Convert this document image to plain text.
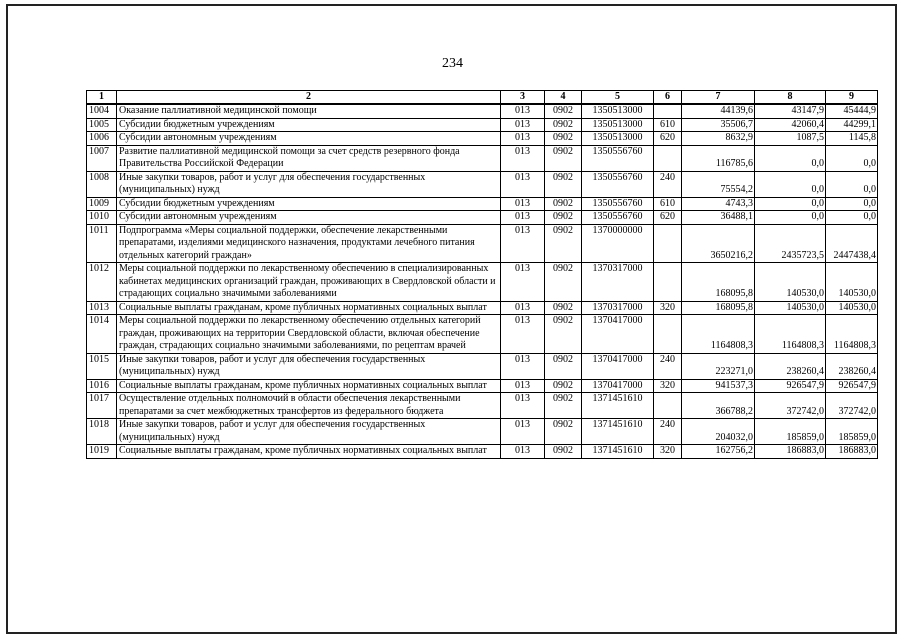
234
1	2	3	4	5	6	7	8	9
1004	Оказание паллиативной медицинской помощи	013	0902	1350513000		44139,6	43147,9	45444,9
1005	Субсидии бюджетным учреждениям	013	0902	1350513000	610	35506,7	42060,4	44299,1
1006	Субсидии автономным учреждениям	013	0902	1350513000	620	8632,9	1087,5	1145,8
1007	Развитие паллиативной медицинской помощи за счет средств резервного фонда Правительства Российской Федерации	013	0902	1350556760		116785,6	0,0	0,0
1008	Иные закупки товаров, работ и услуг для обеспечения государственных (муниципальных) нужд	013	0902	1350556760	240	75554,2	0,0	0,0
1009	Субсидии бюджетным учреждениям	013	0902	1350556760	610	4743,3	0,0	0,0
1010	Субсидии автономным учреждениям	013	0902	1350556760	620	36488,1	0,0	0,0
1011	Подпрограмма «Меры социальной поддержки, обеспечение лекарственными препаратами, изделиями медицинского назначения, продуктами лечебного питания отдельных категорий граждан»	013	0902	1370000000		3650216,2	2435723,5	2447438,4
1012	Меры социальной поддержки по лекарственному обеспечению в специализированных кабинетах медицинских организаций граждан, проживающих в Свердловской области и страдающих социально значимыми заболеваниями	013	0902	1370317000		168095,8	140530,0	140530,0
1013	Социальные выплаты гражданам, кроме публичных нормативных социальных выплат	013	0902	1370317000	320	168095,8	140530,0	140530,0
1014	Меры социальной поддержки по лекарственному обеспечению отдельных категорий граждан, проживающих на территории Свердловской области, включая обеспечение граждан, страдающих социально значимыми заболеваниями, по рецептам врачей	013	0902	1370417000		1164808,3	1164808,3	1164808,3
1015	Иные закупки товаров, работ и услуг для обеспечения государственных (муниципальных) нужд	013	0902	1370417000	240	223271,0	238260,4	238260,4
1016	Социальные выплаты гражданам, кроме публичных нормативных социальных выплат	013	0902	1370417000	320	941537,3	926547,9	926547,9
1017	Осуществление отдельных полномочий в области обеспечения лекарственными препаратами за счет межбюджетных трансфертов из федерального бюджета	013	0902	1371451610		366788,2	372742,0	372742,0
1018	Иные закупки товаров, работ и услуг для обеспечения государственных (муниципальных) нужд	013	0902	1371451610	240	204032,0	185859,0	185859,0
1019	Социальные выплаты гражданам, кроме публичных нормативных социальных выплат	013	0902	1371451610	320	162756,2	186883,0	186883,0
